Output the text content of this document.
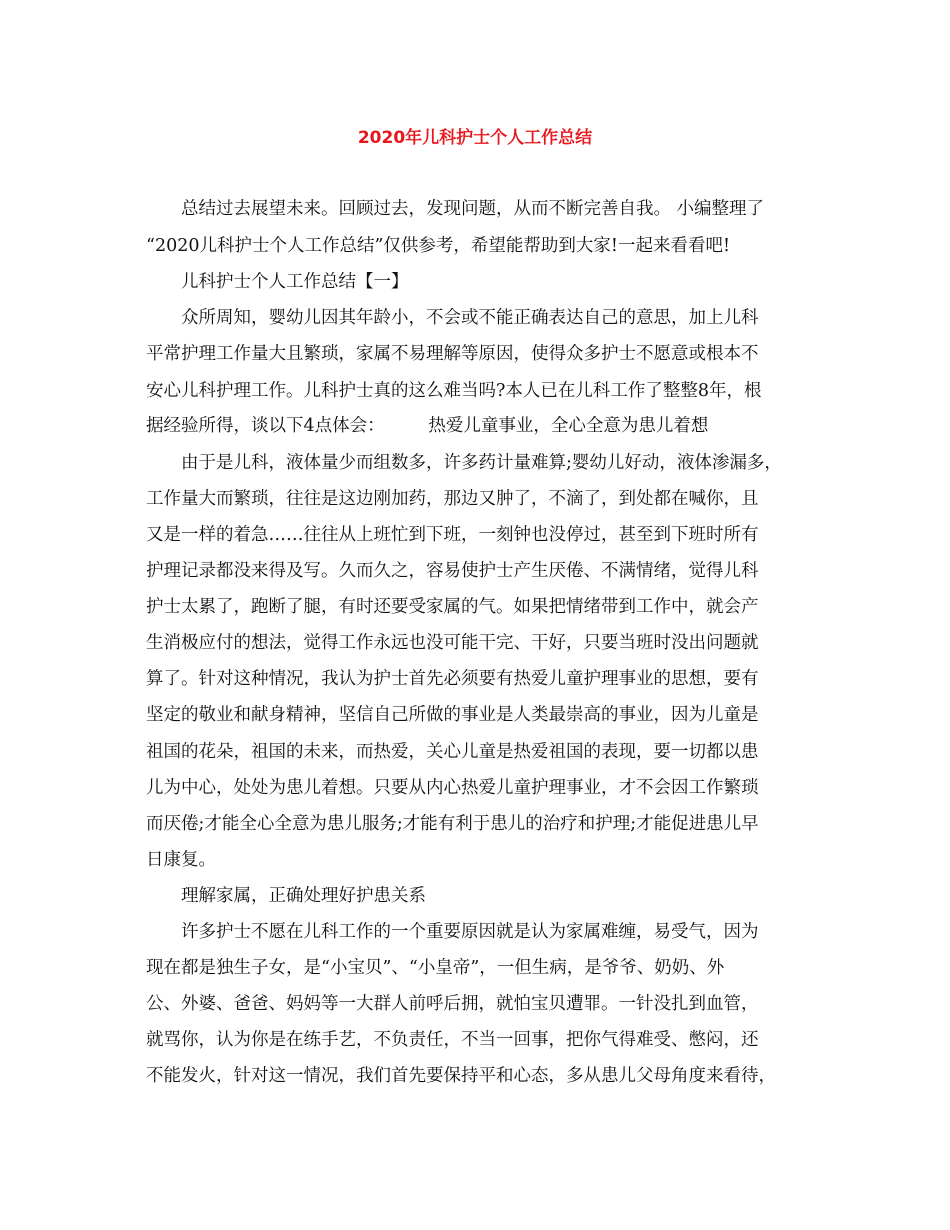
2020年儿科护士个人工作总结
总结过去展望未来。回顾过去，发现问题，从而不断完善自我。 小编整理了
“2020儿科护士个人工作总结”仅供参考，希望能帮助到大家!一起来看看吧!
儿科护士个人工作总结【一】
众所周知，婴幼儿因其年龄小，不会或不能正确表达自己的意思，加上儿科
平常护理工作量大且繁琐，家属不易理解等原因，使得众多护士不愿意或根本不
安心儿科护理工作。儿科护士真的这么难当吗?本人已在儿科工作了整整8年，根
据经验所得，谈以下4点体会：　　　热爱儿童事业，全心全意为患儿着想
由于是儿科，液体量少而组数多，许多药计量难算;婴幼儿好动，液体渗漏多，
工作量大而繁琐，往往是这边刚加药，那边又肿了，不滴了，到处都在喊你，且
又是一样的着急……往往从上班忙到下班，一刻钟也没停过，甚至到下班时所有
护理记录都没来得及写。久而久之，容易使护士产生厌倦、不满情绪，觉得儿科
护士太累了，跑断了腿，有时还要受家属的气。如果把情绪带到工作中，就会产
生消极应付的想法，觉得工作永远也没可能干完、干好，只要当班时没出问题就
算了。针对这种情况，我认为护士首先必须要有热爱儿童护理事业的思想，要有
坚定的敬业和献身精神，坚信自己所做的事业是人类最崇高的事业，因为儿童是
祖国的花朵，祖国的未来，而热爱，关心儿童是热爱祖国的表现，要一切都以患
儿为中心，处处为患儿着想。只要从内心热爱儿童护理事业，才不会因工作繁琐
而厌倦;才能全心全意为患儿服务;才能有利于患儿的治疗和护理;才能促进患儿早
日康复。
理解家属，正确处理好护患关系
许多护士不愿在儿科工作的一个重要原因就是认为家属难缠，易受气，因为
现在都是独生子女，是“小宝贝”、“小皇帝”，一但生病，是爷爷、奶奶、外
公、外婆、爸爸、妈妈等一大群人前呼后拥，就怕宝贝遭罪。一针没扎到血管，
就骂你，认为你是在练手艺，不负责任，不当一回事，把你气得难受、憋闷，还
不能发火，针对这一情况，我们首先要保持平和心态，多从患儿父母角度来看待，
